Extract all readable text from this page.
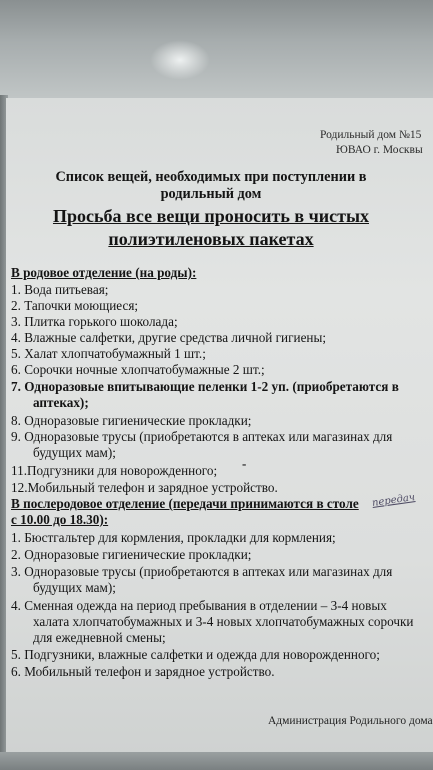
Родильный дом №15
ЮВАО г. Москвы
Список вещей, необходимых при поступлении в
родильный дом
Просьба все вещи проносить в чистых
полиэтиленовых пакетах
В родовое отделение (на роды):
1. Вода питьевая;
2. Тапочки моющиеся;
3. Плитка горького шоколада;
4. Влажные салфетки, другие средства личной гигиены;
5. Халат хлопчатобумажный 1 шт.;
6. Сорочки ночные хлопчатобумажные 2 шт.;
7. Одноразовые впитывающие пеленки 1-2 уп. (приобретаются в
аптеках);
8. Одноразовые гигиенические прокладки;
9. Одноразовые трусы (приобретаются в аптеках или магазинах для
будущих мам);
11.Подгузники для новорожденного;	-
12.Мобильный телефон и зарядное устройство.
В послеродовое отделение (передачи принимаются в столе	передач
с 10.00 до 18.30):
1. Бюстгальтер для кормления, прокладки для кормления;
2. Одноразовые гигиенические прокладки;
3. Одноразовые трусы (приобретаются в аптеках или магазинах для
будущих мам);
4. Сменная одежда на период пребывания в отделении – 3-4 новых
халата хлопчатобумажных и 3-4 новых хлопчатобумажных сорочки
для ежедневной смены;
5. Подгузники, влажные салфетки и одежда для новорожденного;
6. Мобильный телефон и зарядное устройство.
Администрация Родильного дома
